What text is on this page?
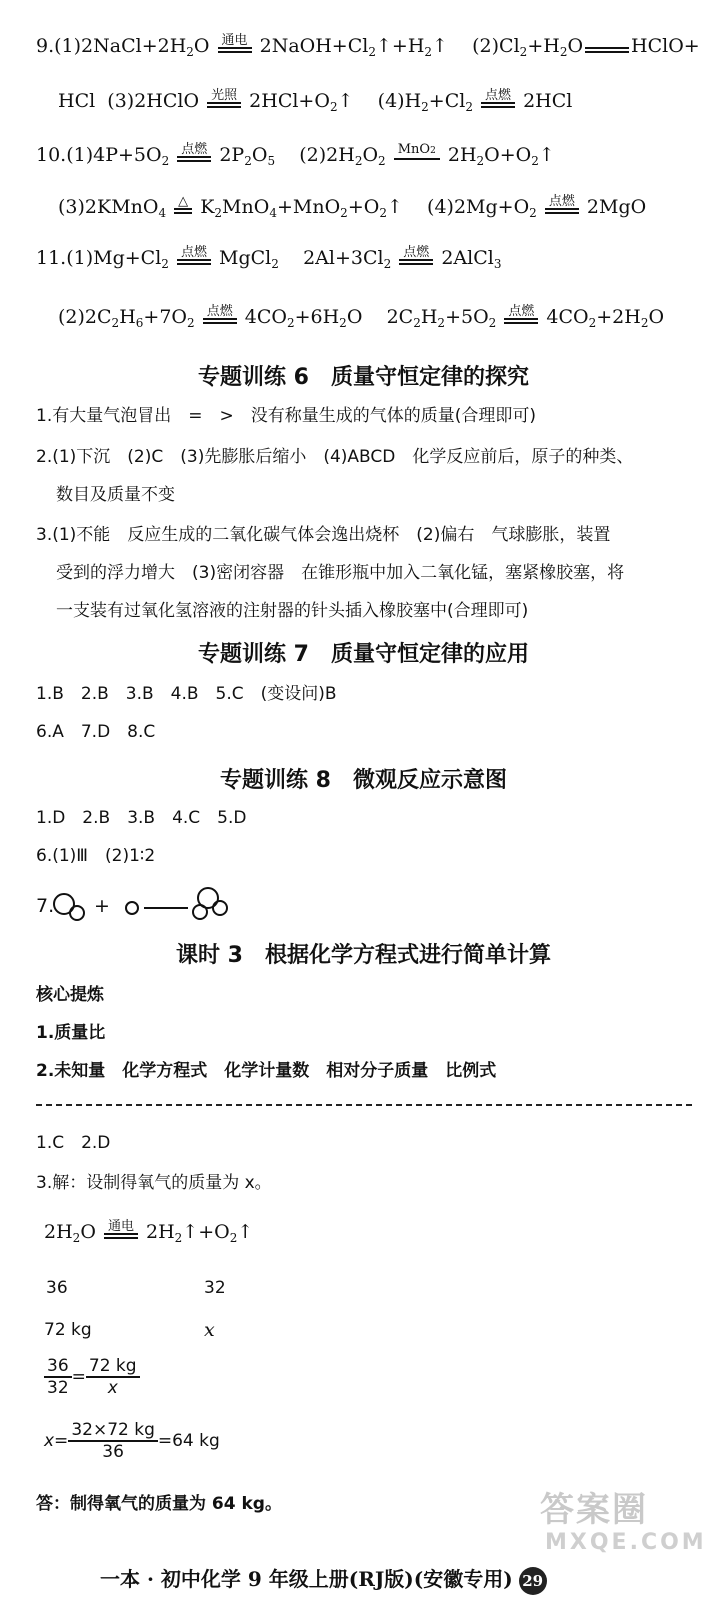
$9.(1)2NaCl+2H_2O$ 通电 $2NaOH+Cl_2↑+H_2↑$ $(2)Cl_2+H_2O$
	HClO+
HCl (3)2HClO 光照 $2HCl+O_2↑$ $(4)H_2+Cl_2$
点燃 2HCl
$10.(1)4P+5O_2$
点燃 $2P_2O_5$ $(2)2H_2O_2$
MnO2 $2H_2O+O_2↑$
(3)2KMnO$_4$
△ $K_2MnO_4+MnO_2+O_2↑$ $(4)2Mg+O_2$
点燃 2MgO
$11.(1)Mg+Cl_2$
点燃 MgCl$_2$ $2Al+3Cl_2$
点燃 2AlCl$_3$
$(2)2C_2H_6+7O_2$
点燃 $4CO_2+6H_2O$ $2C_2H_2+5O_2$
点燃 $4CO_2+2H_2O$
专题训练 6　质量守恒定律的探究
1.有大量气泡冒出　=　>　没有称量生成的气体的质量(合理即可)
2.(1)下沉　(2)C　(3)先膨胀后缩小　(4)ABCD　化学反应前后，原子的种类、
数目及质量不变
3.(1)不能　反应生成的二氧化碳气体会逸出烧杯　(2)偏右　气球膨胀，装置
受到的浮力增大　(3)密闭容器　在锥形瓶中加入二氧化锰，塞紧橡胶塞，将
一支装有过氧化氢溶液的注射器的针头插入橡胶塞中(合理即可)
专题训练 7　质量守恒定律的应用
1.B　2.B　3.B　4.B　5.C　(变设问)B
6.A　7.D　8.C
专题训练 8　微观反应示意图
1.D　2.B　3.B　4.C　5.D
6.(1)Ⅲ　(2)1∶2
7. +
课时 3　根据化学方程式进行简单计算
核心提炼
1.质量比
2.未知量　化学方程式　化学计量数　相对分子质量　比例式
1.C　2.D
3.解：设制得氧气的质量为 x。
$2H_2O$ 通电 $2H_2↑+O_2↑$
36	32
72 kg	x
$\frac{36}{32} = \frac{72 kg}{x}$
$x= \frac{32\times 72 kg}{36} =64$ kg
答：制得氧气的质量为 64 kg。	答案圈
MXQE.COM
一本 · 初中化学 9 年级上册(RJ版)(安徽专用) 29
